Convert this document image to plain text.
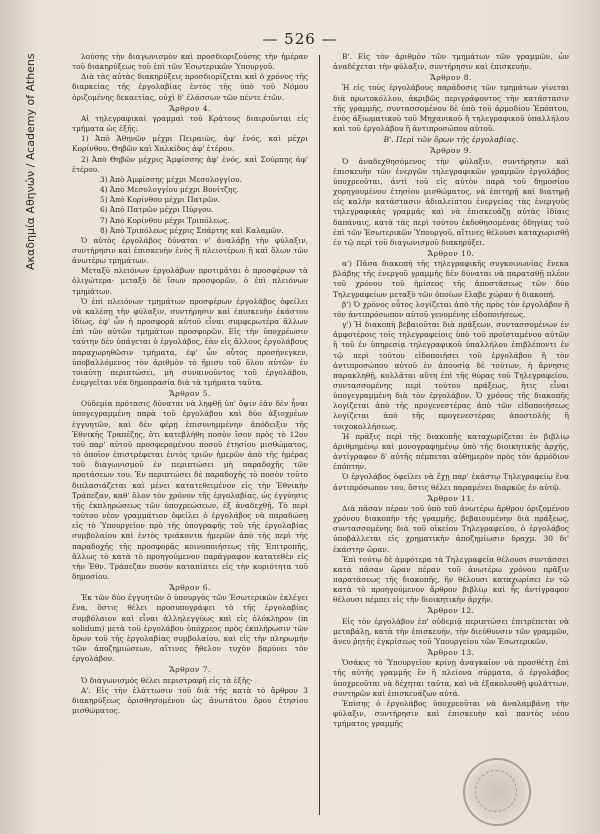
Ακαδημία Αθηνών / Academy of Athens
— 526 —

λούσης τὴν διαγωνισμὸν καὶ προσδιοριζούσης τὴν ἡμέραν τοῦ διακηρύξεως τοῦ ἐπὶ τῶν Ἐσωτερικῶν Ὑπουργοῦ.

Διὰ τὰς αὐτὰς διακηρύξεις προσδιορίζεται καὶ ὁ χρόνος τῆς διαρκείας τῆς ἐργολαβίας ἐντὸς τῆς ὑπὸ τοῦ Νόμου ὁριζομένης δεκαετίας, οὐχὶ δ' ἐλάσσων τῶν πέντε ἐτῶν.

Ἄρθρον 4.

Αἱ τηλεγραφικαὶ γραμμαὶ τοῦ Κράτους διαιροῦνται εἰς τμήματα ὡς ἑξῆς:

1) Ἀπὸ Ἀθηνῶν μέχρι Πειραιῶς, ἀφ' ἑνός, καὶ μέχρι Κορίνθου, Θηβῶν καὶ Χαλκίδος ἀφ' ἑτέρου.

2) Ἀπὸ Θηβῶν μέχρις Ἀμφίσσης ἀφ' ἑνός, καὶ Σούρπης ἀφ' ἑτέρου.

3) Ἀπὸ Ἀμφίσσης μέχρι Μεσολογγίου.

4) Ἀπὸ Μεσολογγίου μέχρι Βονίτζης.

5) Ἀπὸ Κορίνθου μέχρι Πατρῶν.

6) Ἀπὸ Πατρῶν μέχρι Πύργου.

7) Ἀπὸ Κορίνθου μέχρι Τριπόλεως.

8) Ἀπὸ Τριπόλεως μέχρις Σπάρτης καὶ Καλαμῶν.

Ὁ αὐτὸς ἐργολάβος δύναται ν' ἀναλάβῃ τὴν φύλαξιν, συντήρησιν καὶ ἐπισκευὴν ἑνὸς ἢ πλειοτέρων ἢ καὶ ὅλων τῶν ἀνωτέρω τμημάτων.

Μεταξὺ πλειόνων ἐργολάβων προτιμᾶται ὁ προσφέρων τὰ ὀλιγώτερα· μεταξὺ δὲ ἴσων προσφορῶν, ὁ ἐπὶ πλειόνων τμημάτων.

Ὁ ἐπὶ πλειόνων τμημάτων προσφέρων ἐργολάβος ὀφείλει νὰ καλέσῃ τὴν φύλαξιν, συντήρησιν καὶ ἐπισκευὴν ἑκάστου ἰδίως, ἐφ' ὧν ἡ προσφορὰ αὐτοῦ εἶναι συμφερωτέρα ἄλλων ἐπὶ τῶν αὐτῶν τμημάτων προσφορῶν. Εἰς τὴν ὑποχρέωσιν ταύτην δὲν ὑπάγεται ὁ ἐργολάβος, ἐὰν εἰς ἄλλους ἐργολάβους παραχωρηθῶσιν τμήματα, ἐφ' ὧν οὗτος προσήνεγκεν, ὑποβαλλόμενος τὸν ἀριθμὸν τὸ ἥμισυ τοῦ ὅλου αὐτῶν· ἐν τοιαύτῃ περιπτώσει, μὴ συναινοῦντος τοῦ ἐργολάβου, ἐνεργεῖται νέα δημοπρασία διὰ τὰ τμήματα ταῦτα.

Ἄρθρον 5.

Οὐδεμία πρότασις δύναται νὰ ληφθῇ ὑπ' ὄψιν ἐὰν δὲν ἦναι ὑπογεγραμμένη παρὰ τοῦ ἐργολάβου καὶ δύο ἀξιοχρέων ἐγγυητῶν, καὶ δὲν φέρῃ ἐπισυνημμένην ἀπόδειξιν τῆς Ἐθνικῆς Τραπέζης, ὅτι κατεβλήθη ποσὸν ἴσον πρὸς τὸ 12ον τοῦ παρ' αὐτοῦ προσφερομένου ποσοῦ ἐτησίου μισθώματος, τὸ ὁποῖον ἐπιστρέφεται ἐντὸς τριῶν ἡμερῶν ἀπὸ τῆς ἡμέρας τοῦ διαγωνισμοῦ ἐν περιπτώσει μὴ παραδοχῆς τῶν προτάσεων του. Ἐν περιπτώσει δὲ παραδοχῆς τὸ ποσὸν τοῦτο διπλασιάζεται καὶ μένει κατατεθειμένον εἰς τὴν Ἐθνικὴν Τράπεζαν, καθ' ὅλον τὸν χρόνον τῆς ἐργολαβίας, ὡς ἐγγύησις τῆς ἐκπληρώσεως τῶν ὑποχρεώσεων, ἐξ ἀναδεχθῇ. Τὸ περὶ τούτου νέον γραμμάτιον ὀφείλει ὁ ἐργολάβος νὰ παραδώσῃ εἰς τὸ Ὑπουργεῖον πρὸ τῆς ὑπογραφῆς τοῦ τῆς ἐργολαβίας συμβολαίου καὶ ἐντὸς τριάκοντα ἡμερῶν ἀπὸ τῆς περὶ τῆς παραδοχῆς τῆς προσφορᾶς κοινοποιήσεως τῆς Ἐπιτροπῆς, ἄλλως τὸ κατὰ τὸ προηγούμενον παράγραφον κατατεθὲν εἰς τὴν Ἐθν. Τράπεζαν ποσὸν καταπίπτει εἰς τὴν κυριότητα τοῦ δημοσίου.

Ἄρθρον 6.

Ἐκ τῶν δύο ἐγγυητῶν ὁ ὑπουργὸς τῶν Ἐσωτερικῶν ἐκλέγει ἕνα, ὅστις θέλει προσυπογράψει τὸ τῆς ἐργολαβίας συμβόλαιον καὶ εἶναι ἀλληλεγγύως καὶ εἰς ὁλόκληρον (in solidum) μετὰ τοῦ ἐργολάβου ὑπόχρεος πρὸς ἐκπλήρωσιν τῶν ὅρων τοῦ τῆς ἐργολαβίας συμβολαίου, καὶ εἰς τὴν πληρωμὴν τῶν ἀποζημιώσεων, αἵτινες ἤθελον τυχὸν βαρύνει τὸν ἐργολάβον.

Ἄρθρον 7.

Ὁ διαγωνισμὸς θέλει περιστραφῆ εἰς τὰ ἑξῆς·

Α'. Εἰς τὴν ἐλάττωσιν τοῦ διὰ τῆς κατὰ τὸ ἄρθρον 3 διακηρύξεως ὁρισθησομένου ὡς ἀνωτάτου ὅρου ἐτησίου μισθώματος.

Β'. Εἰς τὸν ἀριθμὸν τῶν τμημάτων τῶν γραμμῶν, ὧν ἀναδέχεται τὴν φύλαξιν, συντήρησιν καὶ ἐπισκευήν.

Ἄρθρον 8.

Ἡ εἰς τοὺς ἐργολάβους παράδοσις τῶν τμημάτων γίνεται διὰ πρωτοκόλλου, ἀκριβῶς περιγράφοντος τὴν κατάστασιν τῆς γραμμῆς, συντασσομένου δὲ ὑπὸ τοῦ ἁρμοδίου Ἐπόπτου, ἑνὸς ἀξιωματικοῦ τοῦ Μηχανικοῦ ἢ τηλεγραφικοῦ ὑπαλλήλου καὶ τοῦ ἐργολάβου ἢ ἀντιπροσώπου αὐτοῦ.

Β'. Περὶ τῶν ὅρων τῆς ἐργολαβίας.
Ἄρθρον 9.

Ὁ ἀναδεχθησόμενος τὴν φύλαξιν, συντήρησιν καὶ ἐπισκευὴν τῶν ἐνεργῶν τηλεγραφικῶν γραμμῶν ἐργολάβος ὑποχρεοῦται, ἀντὶ τοῦ εἰς αὐτὸν παρὰ τοῦ δημοσίου χορηγουμένου ἐτησίου μισθώματος, νὰ ἐπιτηρῇ καὶ διατηρῇ εἰς καλὴν κατάστασιν ἀδιαλείπτου ἐνεργείας τὰς ἐνεργοὺς τηλεγραφικὰς γραμμάς καὶ νὰ ἐπισκευάζῃ αὐτὰς ἰδίαις δαπάναις, κατὰ τὰς περὶ τούτου ἐκδοθησομένας ὁδηγίας τοῦ ἐπὶ τῶν Ἐσωτερικῶν Ὑπουργοῦ, αἵτινες θέλουσι καταχωρισθῆ ἐν τῷ περὶ τοῦ διαγωνισμοῦ διακηρύξει.

Ἄρθρον 10.

α') Πᾶσα διακοπὴ τῆς τηλεγραφικῆς συγκοινωνίας ἕνεκα βλάβης τῆς ἐνεργοῦ γραμμῆς δὲν δύναται νὰ παραταθῇ πλέον τοῦ χρόνου τοῦ ἡμίσεος τῆς ἀποστάσεως τῶν δύο Τηλεγραφείων μεταξὺ τῶν ὁποίων ἔλαβε χώραν ἡ διακοπή.

β') Ὁ χρόνος οὗτος λογίζεται ἀπὸ τῆς πρὸς τὸν ἐργολάβον ἢ τὸν ἀντιπρόσωπον αὐτοῦ γενομένης εἰδοποιήσεως.

γ') Ἡ διακοπὴ βεβαιοῦται διὰ πράξεων, συντασσομένων ἐν ἀμφοτέροις τοῖς τηλεγραφείοις ὑπὸ τοῦ προϊσταμένου αὐτῶν ἢ τοῦ ἐν ὑπηρεσίᾳ τηλεγραφικοῦ ὑπαλλήλου ἐπιβλέποντι ἐν τῷ περὶ τούτου εἰδοποιήσει τοῦ ἐργολάβου ἢ τὸν ἀντιπροσώπου αὐτοῦ ἐν ἀπουσίᾳ δὲ τούτων, ἡ ἄρνησις παρακληθῇ, κολλᾶται αὕτη ἐπὶ τῆς θύρας τοῦ Τηλεγραφείου, συντασσομένης περὶ τούτου πράξεως, ἥτις εἶναι ὑπογεγραμμένη διὰ τὸν ἐργολάβον. Ὁ χρόνος τῆς διακοπῆς λογίζεται ἀπὸ τῆς προγενεστέρας ἀπὸ τῶν εἰδοποιήσεως λογίζεται ἀπὸ τῆς προγενεστέρας ἀποστολῆς ἢ τοιχοκολλήσεως.

Ἡ πρᾶξις περὶ τῆς διακοπῆς καταχωρίζεται ἐν βιβλίῳ ἀριθμημένῳ καὶ μονογραφημένῳ ὑπὸ τῆς διοικητικῆς ἀρχῆς, ἀντίγραφον δ' αὐτῆς πέμπεται αὐθημερὸν πρὸς τὸν ἁρμόδιον ἐπόπτην.

Ὁ ἐργολάβος ὀφείλει νὰ ἔχῃ παρ' ἑκάστῳ Τηλεγραφείῳ ἕνα ἀντιπρόσωπον του, ὅστις θέλει παραμένει διαρκῶς ἐν αὐτῷ.

Ἄρθρον 11.

Διὰ πᾶσαν πέραν τοῦ ὑπὸ τοῦ ἀνωτέρω ἄρθρου ὁριζομένου χρόνου διακοπὴν τῆς γραμμῆς, βεβαιουμένην διὰ πράξεως, συντασσομένης διὰ τοῦ οἰκείου Τηλεγραφείου, ὁ ἐργολάβος ὑποβάλλεται εἰς χρηματικὴν ἀποζημίωσιν δραχμ. 30 δι' ἑκάστην ὥραν.

Ἐπὶ τούτῳ δὲ ἀμφότερα τὰ Τηλεγραφεῖα θέλουσι συντάσσει κατὰ πᾶσαν ὥραν πέραν τοῦ ἀνωτέρω χρόνου πρᾶξιν παρατάσεως τῆς διακοπῆς, ἣν θέλουσι καταχωρίσει ἐν τῷ κατὰ τὸ προηγούμενον ἄρθρον βιβλίῳ καὶ ἧς ἀντίγραφον θέλουσι πέμπει εἰς τὴν διοικητικὴν ἀρχήν.

Ἄρθρον 12.

Εἰς τὸν ἐργολάβον ἐπ' οὐδεμιᾷ περιπτώσει ἐπιτρέπεται νὰ μεταβάλῃ, κατὰ τὴν ἐπισκευήν, τὴν διεύθυνσιν τῶν γραμμῶν, ἄνευ ῥητῆς ἐγκρίσεως τοῦ Ὑπουργείου τῶν Ἐσωτερικῶν.

Ἄρθρον 13.

Ὁσάκις τὸ Ὑπουργεῖον κρίνῃ ἀναγκαῖον νὰ προσθέτῃ ἐπὶ τῆς αὐτῆς γραμμῆς ἓν ἢ πλείονα σύρματα, ὁ ἐργολάβος ὑποχρεοῦται νὰ δέχηται ταῦτα, καὶ νὰ ἐξακολουθῇ φυλάττων, συντηρῶν καὶ ἐπισκευάζων αὐτά.

Ἐπίσης ὁ ἐργολάβος ὑποχρεοῦται νὰ ἀναλαμβάνῃ τὴν φύλαξιν, συντήρησιν καὶ ἐπισκευὴν καὶ παντὸς νέου τμήματος γραμμῆς
